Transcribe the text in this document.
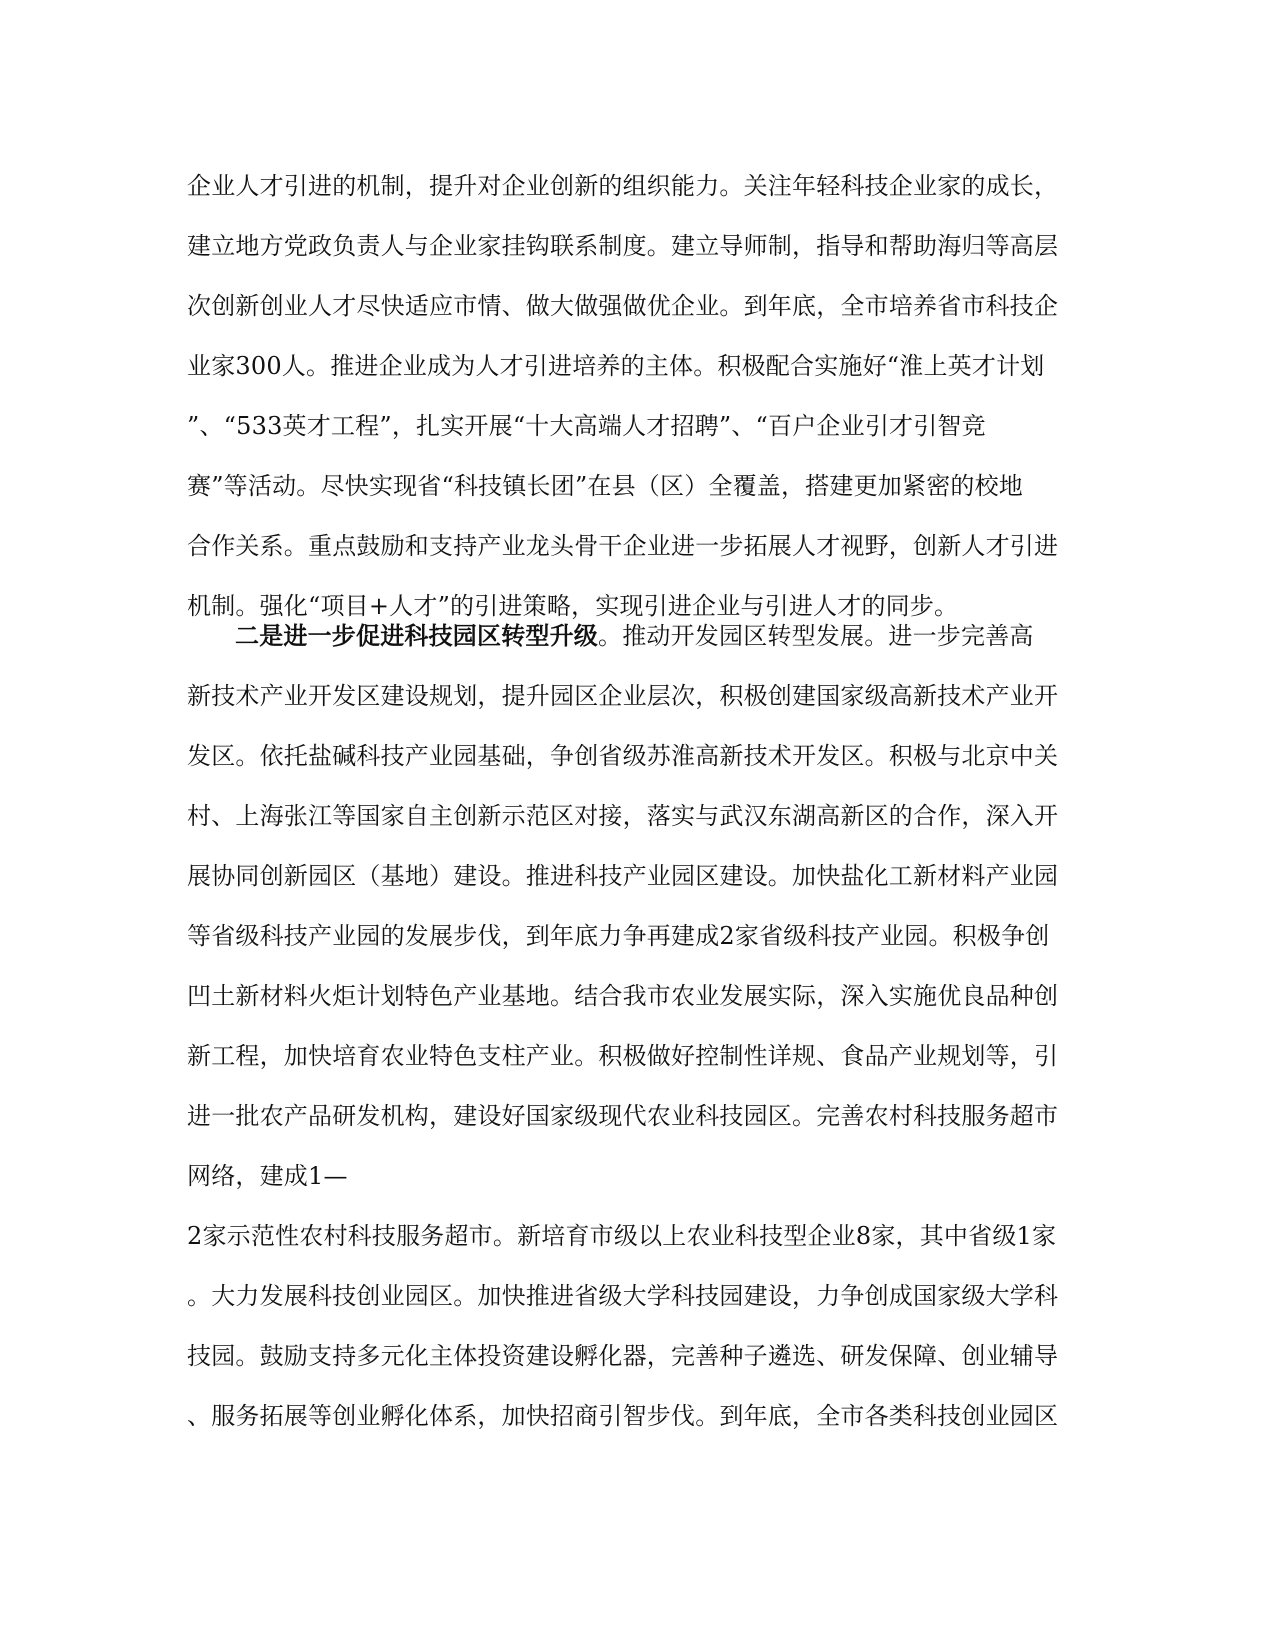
企业人才引进的机制，提升对企业创新的组织能力。关注年轻科技企业家的成长，
建立地方党政负责人与企业家挂钩联系制度。建立导师制，指导和帮助海归等高层
次创新创业人才尽快适应市情、做大做强做优企业。到年底，全市培养省市科技企
业家300人。推进企业成为人才引进培养的主体。积极配合实施好“淮上英才计划
”、“533英才工程”，扎实开展“十大高端人才招聘”、“百户企业引才引智竞
赛”等活动。尽快实现省“科技镇长团”在县（区）全覆盖，搭建更加紧密的校地
合作关系。重点鼓励和支持产业龙头骨干企业进一步拓展人才视野，创新人才引进
机制。强化“项目+人才”的引进策略，实现引进企业与引进人才的同步。
二是进一步促进科技园区转型升级。推动开发园区转型发展。进一步完善高
新技术产业开发区建设规划，提升园区企业层次，积极创建国家级高新技术产业开
发区。依托盐碱科技产业园基础，争创省级苏淮高新技术开发区。积极与北京中关
村、上海张江等国家自主创新示范区对接，落实与武汉东湖高新区的合作，深入开
展协同创新园区（基地）建设。推进科技产业园区建设。加快盐化工新材料产业园
等省级科技产业园的发展步伐，到年底力争再建成2家省级科技产业园。积极争创
凹土新材料火炬计划特色产业基地。结合我市农业发展实际，深入实施优良品种创
新工程，加快培育农业特色支柱产业。积极做好控制性详规、食品产业规划等，引
进一批农产品研发机构，建设好国家级现代农业科技园区。完善农村科技服务超市
网络，建成1—
2家示范性农村科技服务超市。新培育市级以上农业科技型企业8家，其中省级1家
。大力发展科技创业园区。加快推进省级大学科技园建设，力争创成国家级大学科
技园。鼓励支持多元化主体投资建设孵化器，完善种子遴选、研发保障、创业辅导
、服务拓展等创业孵化体系，加快招商引智步伐。到年底，全市各类科技创业园区
